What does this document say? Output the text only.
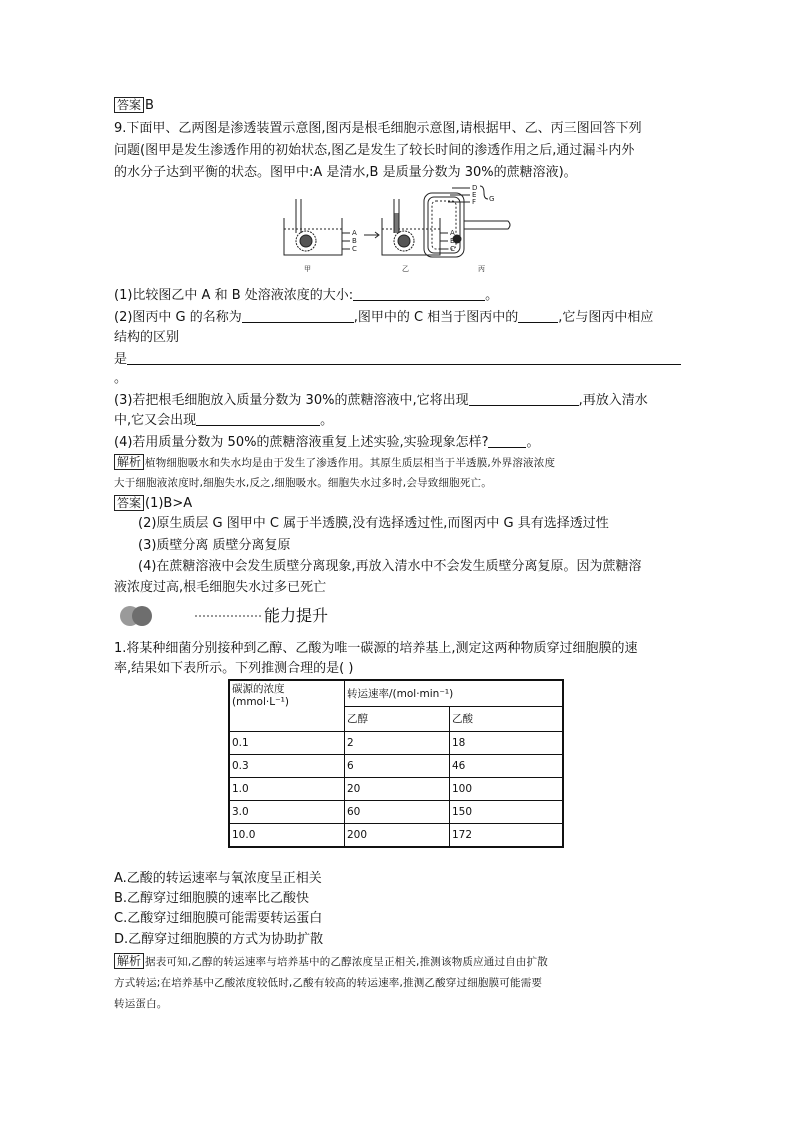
答案 B
9.下面甲、乙两图是渗透装置示意图,图丙是根毛细胞示意图,请根据甲、乙、丙三图回答下列
问题(图甲是发生渗透作用的初始状态,图乙是发生了较长时间的渗透作用之后,通过漏斗内外
的水分子达到平衡的状态。图甲中:A 是清水,B 是质量分数为 30%的蔗糖溶液)。
A
B
C
A
B
C
D
E
F G
甲	乙	丙
(1)比较图乙中 A 和 B 处溶液浓度的大小:	。
(2)图丙中 G 的名称为	,图甲中的 C 相当于图丙中的	,它与图丙中相应
结构的区别
是
。
(3)若把根毛细胞放入质量分数为 30%的蔗糖溶液中,它将出现	,再放入清水
中,它又会出现	。
(4)若用质量分数为 50%的蔗糖溶液重复上述实验,实验现象怎样?	。
解析 植物细胞吸水和失水均是由于发生了渗透作用。其原生质层相当于半透膜,外界溶液浓度
大于细胞液浓度时,细胞失水,反之,细胞吸水。细胞失水过多时,会导致细胞死亡。
答案 (1)B>A
(2)原生质层 G 图甲中 C 属于半透膜,没有选择透过性,而图丙中 G 具有选择透过性
(3)质壁分离 质壁分离复原
(4)在蔗糖溶液中会发生质壁分离现象,再放入清水中不会发生质壁分离复原。因为蔗糖溶
液浓度过高,根毛细胞失水过多已死亡
能力提升
1.将某种细菌分别接种到乙醇、乙酸为唯一碳源的培养基上,测定这两种物质穿过细胞膜的速
率,结果如下表所示。下列推测合理的是( )
碳源的浓度
(mmol·L⁻¹)	转运速率/(mol·min⁻¹)	
	乙醇	乙酸
0.1	2	18
0.3	6	46
1.0	20	100
3.0	60	150
10.0	200	172
A.乙酸的转运速率与氧浓度呈正相关
B.乙醇穿过细胞膜的速率比乙酸快
C.乙酸穿过细胞膜可能需要转运蛋白
D.乙醇穿过细胞膜的方式为协助扩散
解析 据表可知,乙醇的转运速率与培养基中的乙醇浓度呈正相关,推测该物质应通过自由扩散
方式转运;在培养基中乙酸浓度较低时,乙酸有较高的转运速率,推测乙酸穿过细胞膜可能需要
转运蛋白。
